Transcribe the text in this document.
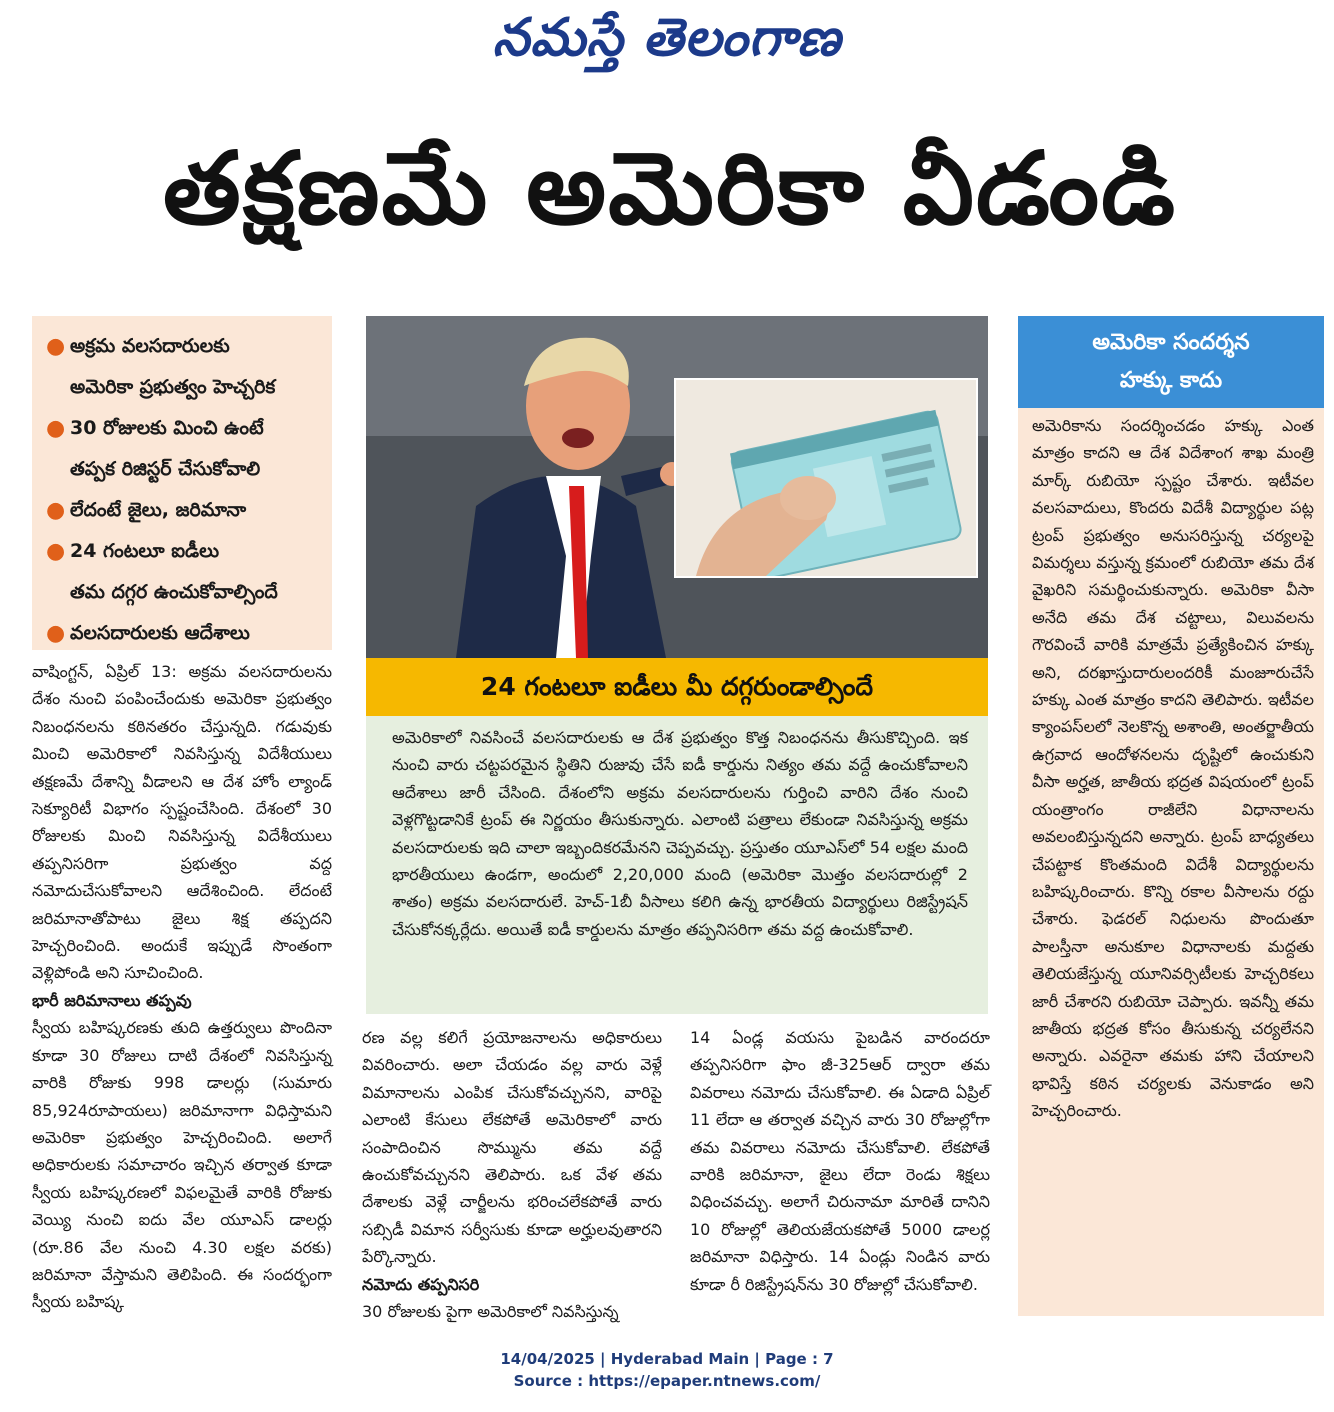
నమస్తే తెలంగాణ
తక్షణమే అమెరికా వీడండి
● అక్రమ వలసదారులకు
అమెరికా ప్రభుత్వం హెచ్చరిక
● 30 రోజులకు మించి ఉంటే
తప్పక రిజిస్టర్ చేసుకోవాలి
● లేదంటే జైలు, జరిమానా
● 24 గంటలూ ఐడీలు
తమ దగ్గర ఉంచుకోవాల్సిందే
● వలసదారులకు ఆదేశాలు
24 గంటలూ ఐడీలు మీ దగ్గరుండాల్సిందే
అమెరికాలో నివసించే వలసదారులకు ఆ దేశ ప్రభుత్వం కొత్త నిబంధనను తీసుకొచ్చింది. ఇక నుంచి వారు చట్టపరమైన స్థితిని రుజువు చేసే ఐడీ కార్డును నిత్యం తమ వద్దే ఉంచుకోవాలని ఆదేశాలు జారీ చేసింది. దేశంలోని అక్రమ వలసదారులను గుర్తించి వారిని దేశం నుంచి వెళ్లగొట్టడానికే ట్రంప్ ఈ నిర్ణయం తీసుకున్నారు. ఎలాంటి పత్రాలు లేకుండా నివసిస్తున్న అక్రమ వలసదారులకు ఇది చాలా ఇబ్బందికరమేనని చెప్పవచ్చు. ప్రస్తుతం యూఎస్‌లో 54 లక్షల మంది భారతీయులు ఉండగా, అందులో 2,20,000 మంది (అమెరికా మొత్తం వలసదారుల్లో 2 శాతం) అక్రమ వలసదారులే. హెచ్-1బీ వీసాలు కలిగి ఉన్న భారతీయ విద్యార్థులు రిజిస్ట్రేషన్ చేసుకోనక్కర్లేదు. అయితే ఐడీ కార్డులను మాత్రం తప్పనిసరిగా తమ వద్ద ఉంచుకోవాలి.
వాషింగ్టన్, ఏప్రిల్ 13: అక్రమ వలసదారులను దేశం నుంచి పంపించేందుకు అమెరికా ప్రభుత్వం నిబంధనలను కఠినతరం చేస్తున్నది. గడువుకు మించి అమెరికాలో నివసిస్తున్న విదేశీయులు తక్షణమే దేశాన్ని వీడాలని ఆ దేశ హోం ల్యాండ్ సెక్యూరిటీ విభాగం స్పష్టంచేసింది. దేశంలో 30 రోజులకు మించి నివసిస్తున్న విదేశీయులు తప్పనిసరిగా ప్రభుత్వం వద్ద నమోదుచేసుకోవాలని ఆదేశించింది. లేదంటే జరిమానాతోపాటు జైలు శిక్ష తప్పదని హెచ్చరించింది. అందుకే ఇప్పుడే సొంతంగా వెళ్లిపోండి అని సూచించింది.
భారీ జరిమానాలు తప్పవు
స్వీయ బహిష్కరణకు తుది ఉత్తర్వులు పొందినా కూడా 30 రోజులు దాటి దేశంలో నివసిస్తున్న వారికి రోజుకు 998 డాలర్లు (సుమారు 85,924రూపాయలు) జరిమానాగా విధిస్తామని అమెరికా ప్రభుత్వం హెచ్చరించింది. అలాగే అధికారులకు సమాచారం ఇచ్చిన తర్వాత కూడా స్వీయ బహిష్కరణలో విఫలమైతే వారికి రోజుకు వెయ్యి నుంచి ఐదు వేల యూఎస్ డాలర్లు (రూ.86 వేల నుంచి 4.30 లక్షల వరకు) జరిమానా వేస్తామని తెలిపింది. ఈ సందర్భంగా స్వీయ బహిష్క
రణ వల్ల కలిగే ప్రయోజనాలను అధికారులు వివరించారు. అలా చేయడం వల్ల వారు వెళ్లే విమానాలను ఎంపిక చేసుకోవచ్చునని, వారిపై ఎలాంటి కేసులు లేకపోతే అమెరికాలో వారు సంపాదించిన సొమ్మును తమ వద్దే ఉంచుకోవచ్చునని తెలిపారు. ఒక వేళ తమ దేశాలకు వెళ్లే చార్జీలను భరించలేకపోతే వారు సబ్సిడీ విమాన సర్వీసుకు కూడా అర్హులవుతారని పేర్కొన్నారు.
నమోదు తప్పనిసరి
30 రోజులకు పైగా అమెరికాలో నివసిస్తున్న
14 ఏండ్ల వయసు పైబడిన వారందరూ తప్పనిసరిగా ఫాం జీ-325ఆర్ ద్వారా తమ వివరాలు నమోదు చేసుకోవాలి. ఈ ఏడాది ఏప్రిల్ 11 లేదా ఆ తర్వాత వచ్చిన వారు 30 రోజుల్లోగా తమ వివరాలు నమోదు చేసుకోవాలి. లేకపోతే వారికి జరిమానా, జైలు లేదా రెండు శిక్షలు విధించవచ్చు. అలాగే చిరునామా మారితే దానిని 10 రోజుల్లో తెలియజేయకపోతే 5000 డాలర్ల జరిమానా విధిస్తారు. 14 ఏండ్లు నిండిన వారు కూడా రీ రిజిస్ట్రేషన్‌ను 30 రోజుల్లో చేసుకోవాలి.
అమెరికా సందర్శన
హక్కు కాదు
అమెరికాను సందర్శించడం హక్కు ఎంత మాత్రం కాదని ఆ దేశ విదేశాంగ శాఖ మంత్రి మార్క్ రుబియో స్పష్టం చేశారు. ఇటీవల వలసవాదులు, కొందరు విదేశీ విద్యార్థుల పట్ల ట్రంప్ ప్రభుత్వం అనుసరిస్తున్న చర్యలపై విమర్శలు వస్తున్న క్రమంలో రుబియో తమ దేశ వైఖరిని సమర్థించుకున్నారు. అమెరికా వీసా అనేది తమ దేశ చట్టాలు, విలువలను గౌరవించే వారికి మాత్రమే ప్రత్యేకించిన హక్కు అని, దరఖాస్తుదారులందరికీ మంజూరుచేసే హక్కు ఎంత మాత్రం కాదని తెలిపారు. ఇటీవల క్యాంపస్‌లలో నెలకొన్న అశాంతి, అంతర్జాతీయ ఉగ్రవాద ఆందోళనలను దృష్టిలో ఉంచుకుని వీసా అర్హత, జాతీయ భద్రత విషయంలో ట్రంప్ యంత్రాంగం రాజీలేని విధానాలను అవలంబిస్తున్నదని అన్నారు. ట్రంప్ బాధ్యతలు చేపట్టాక కొంతమంది విదేశీ విద్యార్థులను బహిష్కరించారు. కొన్ని రకాల వీసాలను రద్దు చేశారు. ఫెడరల్ నిధులను పొందుతూ పాలస్తీనా అనుకూల విధానాలకు మద్దతు తెలియజేస్తున్న యూనివర్సిటీలకు హెచ్చరికలు జారీ చేశారని రుబియో చెప్పారు. ఇవన్నీ తమ జాతీయ భద్రత కోసం తీసుకున్న చర్యలేనని అన్నారు. ఎవరైనా తమకు హాని చేయాలని భావిస్తే కఠిన చర్యలకు వెనుకాడం అని హెచ్చరించారు.
14/04/2025 | Hyderabad Main | Page : 7
Source : https://epaper.ntnews.com/
